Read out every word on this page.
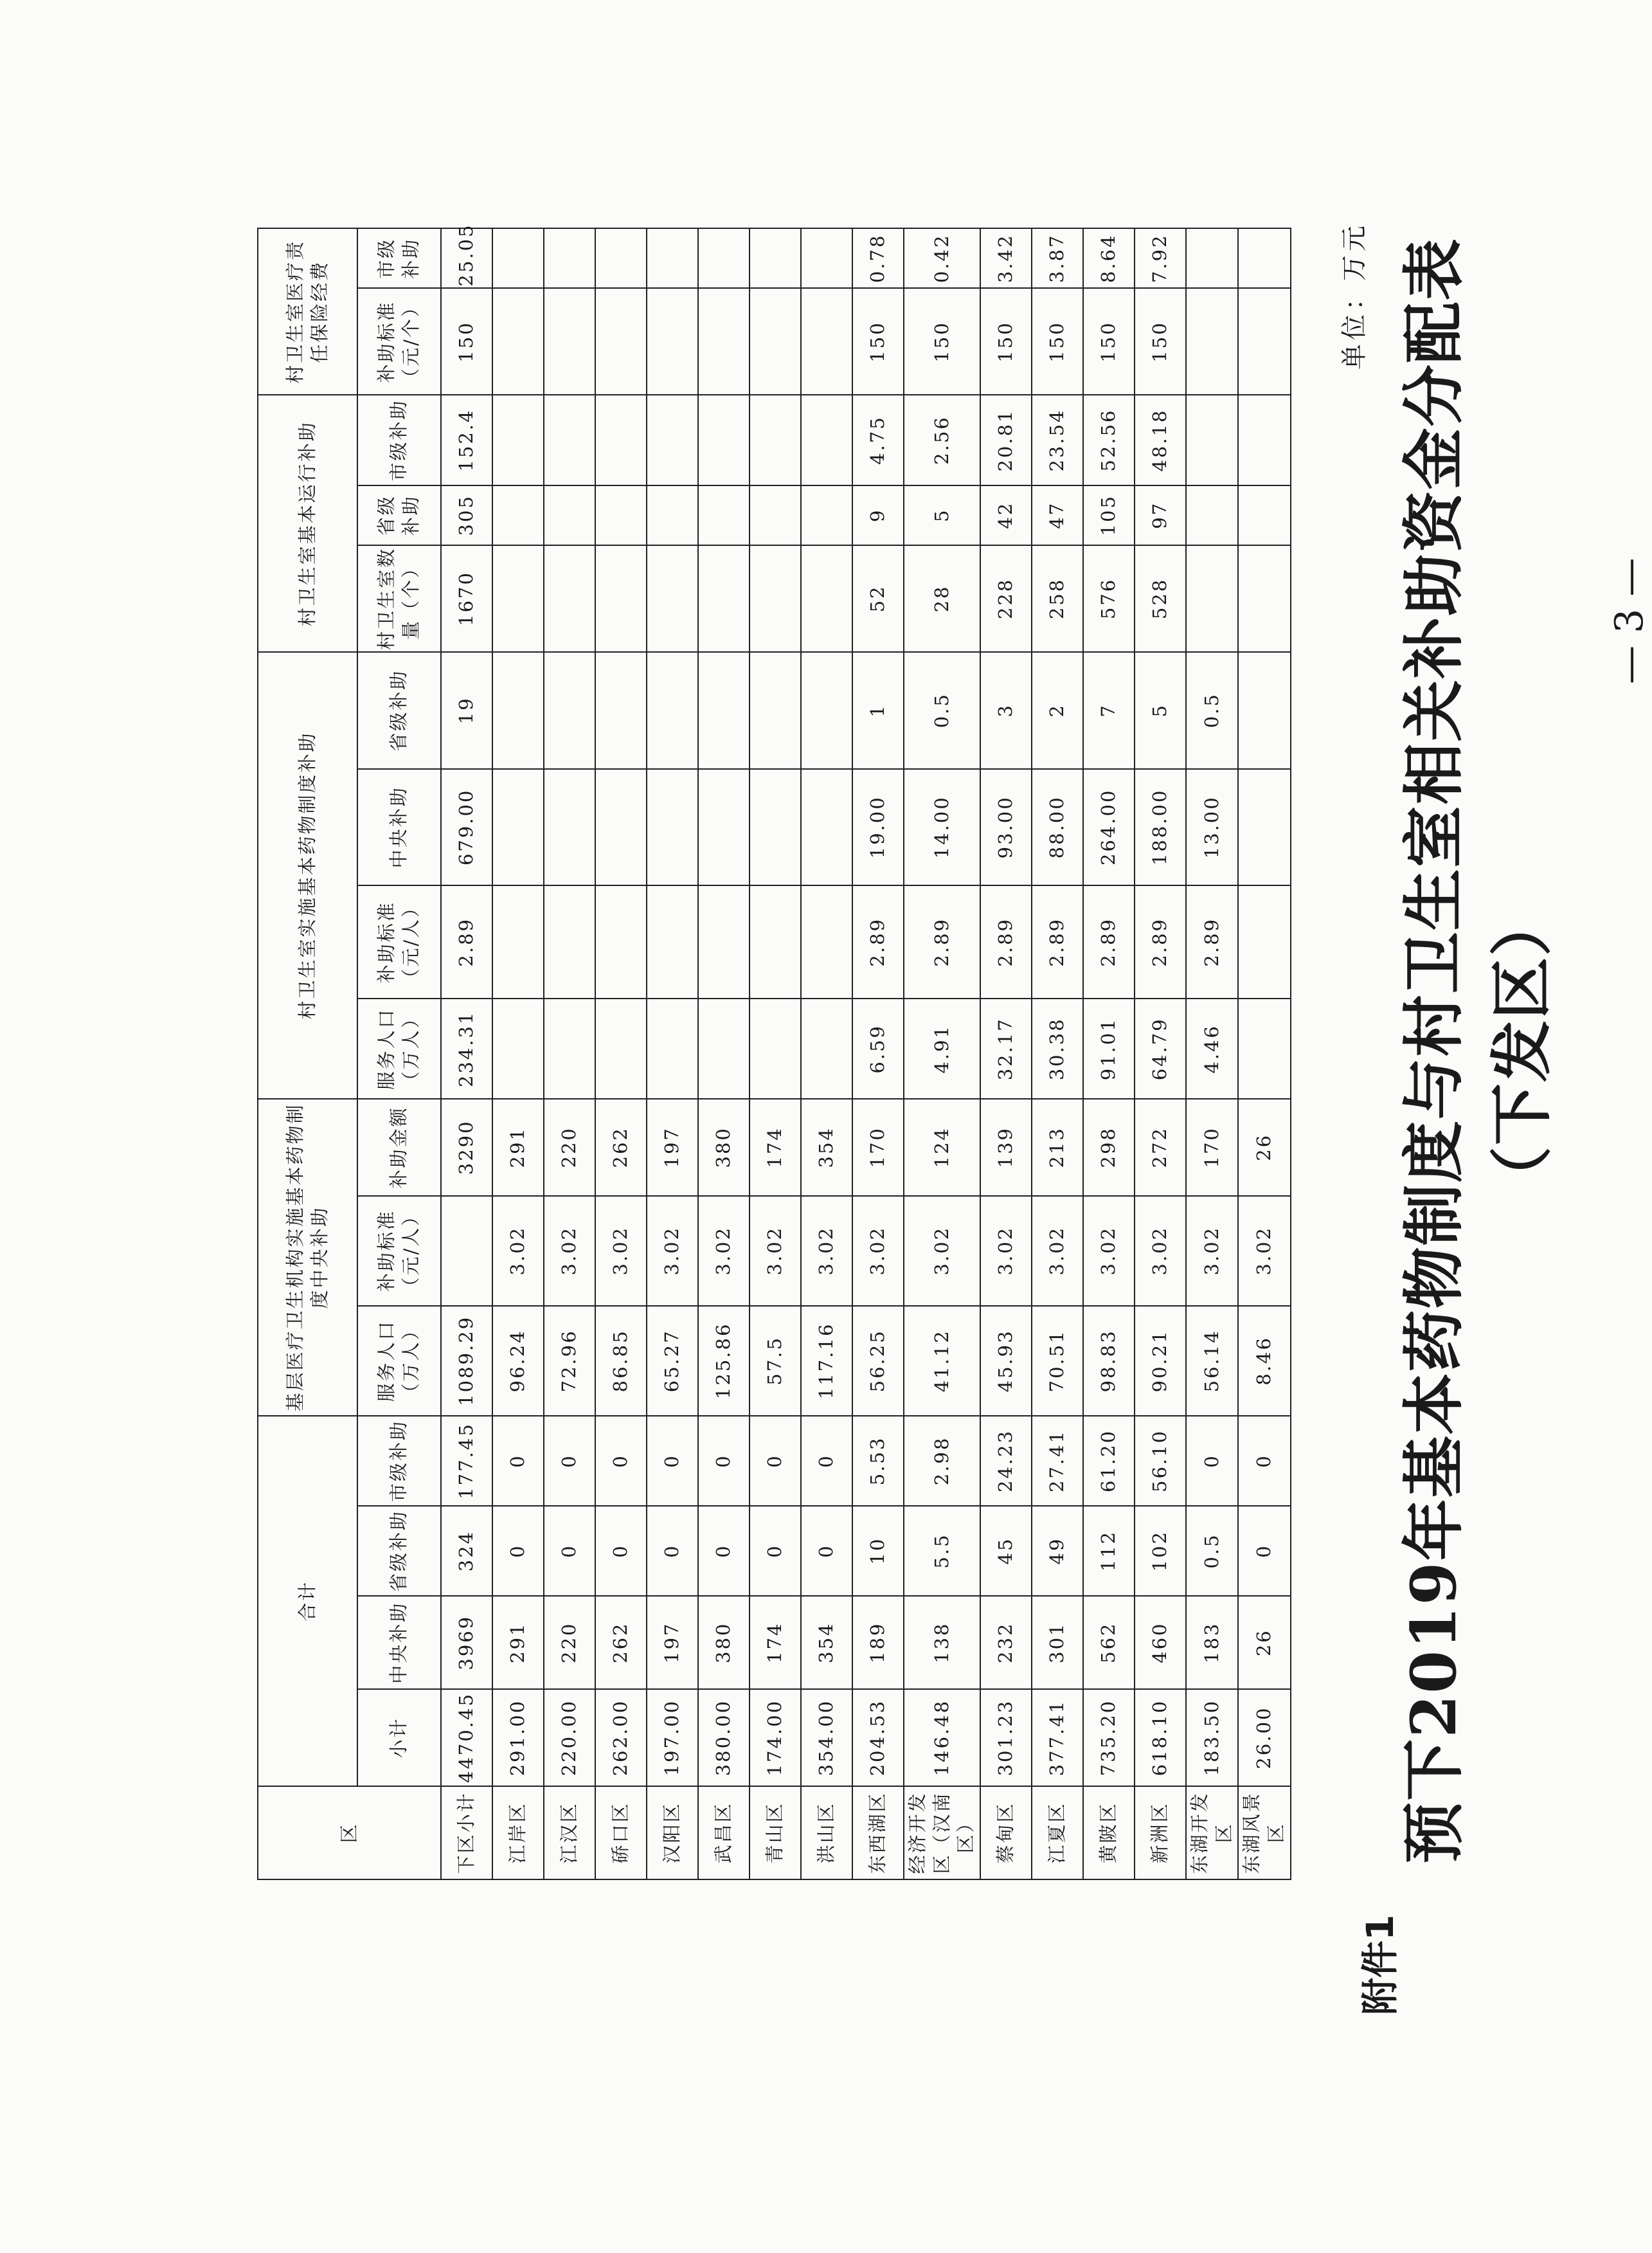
附件1
预下2019年基本药物制度与村卫生室相关补助资金分配表（下发区）
单位：万元
区	合计				基层医疗卫生机构实施基本药物制度中央补助			村卫生室实施基本药物制度补助				村卫生室基本运行补助			村卫生室医疗责任保险经费	
	小计	中央补助	省级补助	市级补助	服务人口（万人）	补助标准（元/人）	补助金额	服务人口（万人）	补助标准（元/人）	中央补助	省级补助	村卫生室数量（个）	省级补助	市级补助	补助标准（元/个）	市级补助
下区小计	4470.45	3969	324	177.45	1089.29		3290	234.31	2.89	679.00	19	1670	305	152.4	150	25.05
江岸区	291.00	291	0	0	96.24	3.02	291									
江汉区	220.00	220	0	0	72.96	3.02	220									
硚口区	262.00	262	0	0	86.85	3.02	262									
汉阳区	197.00	197	0	0	65.27	3.02	197									
武昌区	380.00	380	0	0	125.86	3.02	380									
青山区	174.00	174	0	0	57.5	3.02	174									
洪山区	354.00	354	0	0	117.16	3.02	354									
东西湖区	204.53	189	10	5.53	56.25	3.02	170	6.59	2.89	19.00	1	52	9	4.75	150	0.78
经济开发区（汉南区）	146.48	138	5.5	2.98	41.12	3.02	124	4.91	2.89	14.00	0.5	28	5	2.56	150	0.42
蔡甸区	301.23	232	45	24.23	45.93	3.02	139	32.17	2.89	93.00	3	228	42	20.81	150	3.42
江夏区	377.41	301	49	27.41	70.51	3.02	213	30.38	2.89	88.00	2	258	47	23.54	150	3.87
黄陂区	735.20	562	112	61.20	98.83	3.02	298	91.01	2.89	264.00	7	576	105	52.56	150	8.64
新洲区	618.10	460	102	56.10	90.21	3.02	272	64.79	2.89	188.00	5	528	97	48.18	150	7.92
东湖开发区	183.50	183	0.5	0	56.14	3.02	170	4.46	2.89	13.00	0.5					
东湖风景区	26.00	26	0	0	8.46	3.02	26									
— 3 —
